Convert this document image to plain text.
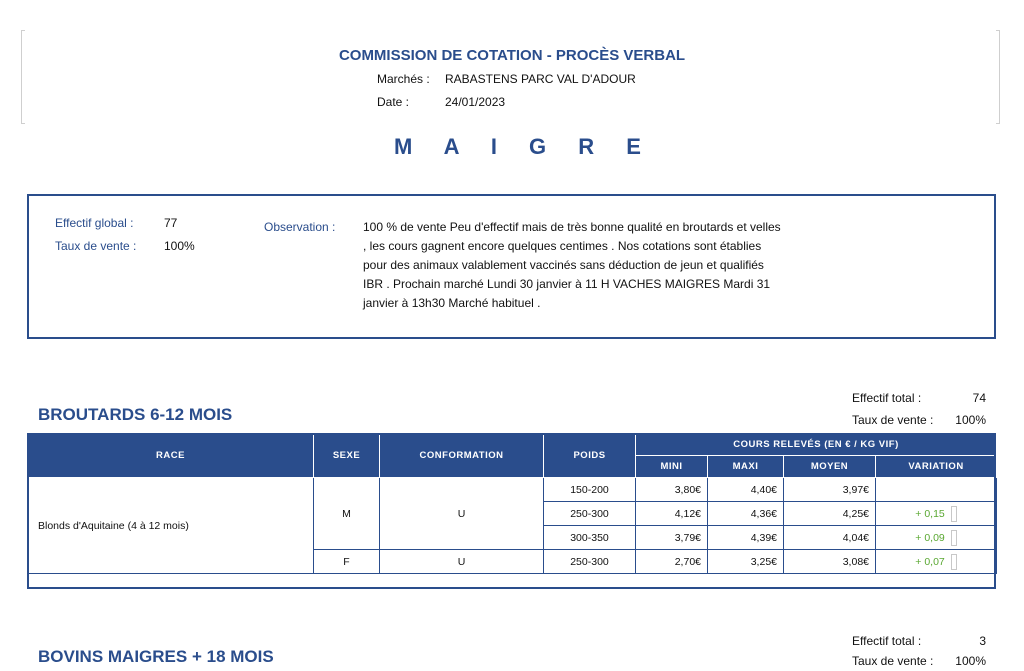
COMMISSION DE COTATION - PROCÈS VERBAL
Marchés : RABASTENS PARC VAL D'ADOUR
Date :	24/01/2023
M A I G R E
Effectif global :	77
Taux de vente : 100%
Observation : 100 % de vente Peu d'effectif mais de très bonne qualité en broutards et velles , les cours gagnent encore quelques centimes . Nos cotations sont établies pour des animaux valablement vaccinés sans déduction de jeun et qualifiés IBR . Prochain marché Lundi 30 janvier à 11 H VACHES MAIGRES Mardi 31 janvier à 13h30 Marché habituel .
BROUTARDS 6-12 MOIS
Effectif total :	74
Taux de vente :	100%
RACE	SEXE	CONFORMATION	POIDS	COURS RELEVÉS (EN € / KG VIF)			
				MINI	MAXI	MOYEN	VARIATION
Blonds d'Aquitaine (4 à 12 mois)	M	U	150-200	3,80€	4,40€	3,97€	
			250-300	4,12€	4,36€	4,25€	+ 0,15
			300-350	3,79€	4,39€	4,04€	+ 0,09
	F	U	250-300	2,70€	3,25€	3,08€	+ 0,07
BOVINS MAIGRES + 18 MOIS
Effectif total :	3
Taux de vente :	100%
